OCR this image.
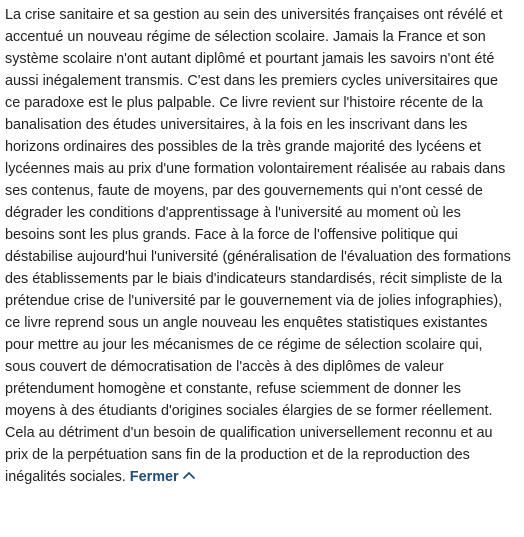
La crise sanitaire et sa gestion au sein des universités françaises ont révélé et accentué un nouveau régime de sélection scolaire. Jamais la France et son système scolaire n'ont autant diplômé et pourtant jamais les savoirs n'ont été aussi inégalement transmis. C'est dans les premiers cycles universitaires que ce paradoxe est le plus palpable. Ce livre revient sur l'histoire récente de la banalisation des études universitaires, à la fois en les inscrivant dans les horizons ordinaires des possibles de la très grande majorité des lycéens et lycéennes mais au prix d'une formation volontairement réalisée au rabais dans ses contenus, faute de moyens, par des gouvernements qui n'ont cessé de dégrader les conditions d'apprentissage à l'université au moment où les besoins sont les plus grands. Face à la force de l'offensive politique qui déstabilise aujourd'hui l'université (généralisation de l'évaluation des formations des établissements par le biais d'indicateurs standardisés, récit simpliste de la prétendue crise de l'université par le gouvernement via de jolies infographies), ce livre reprend sous un angle nouveau les enquêtes statistiques existantes pour mettre au jour les mécanismes de ce régime de sélection scolaire qui, sous couvert de démocratisation de l'accès à des diplômes de valeur prétendument homogène et constante, refuse sciemment de donner les moyens à des étudiants d'origines sociales élargies de se former réellement. Cela au détriment d'un besoin de qualification universellement reconnu et au prix de la perpétuation sans fin de la production et de la reproduction des inégalités sociales. Fermer
